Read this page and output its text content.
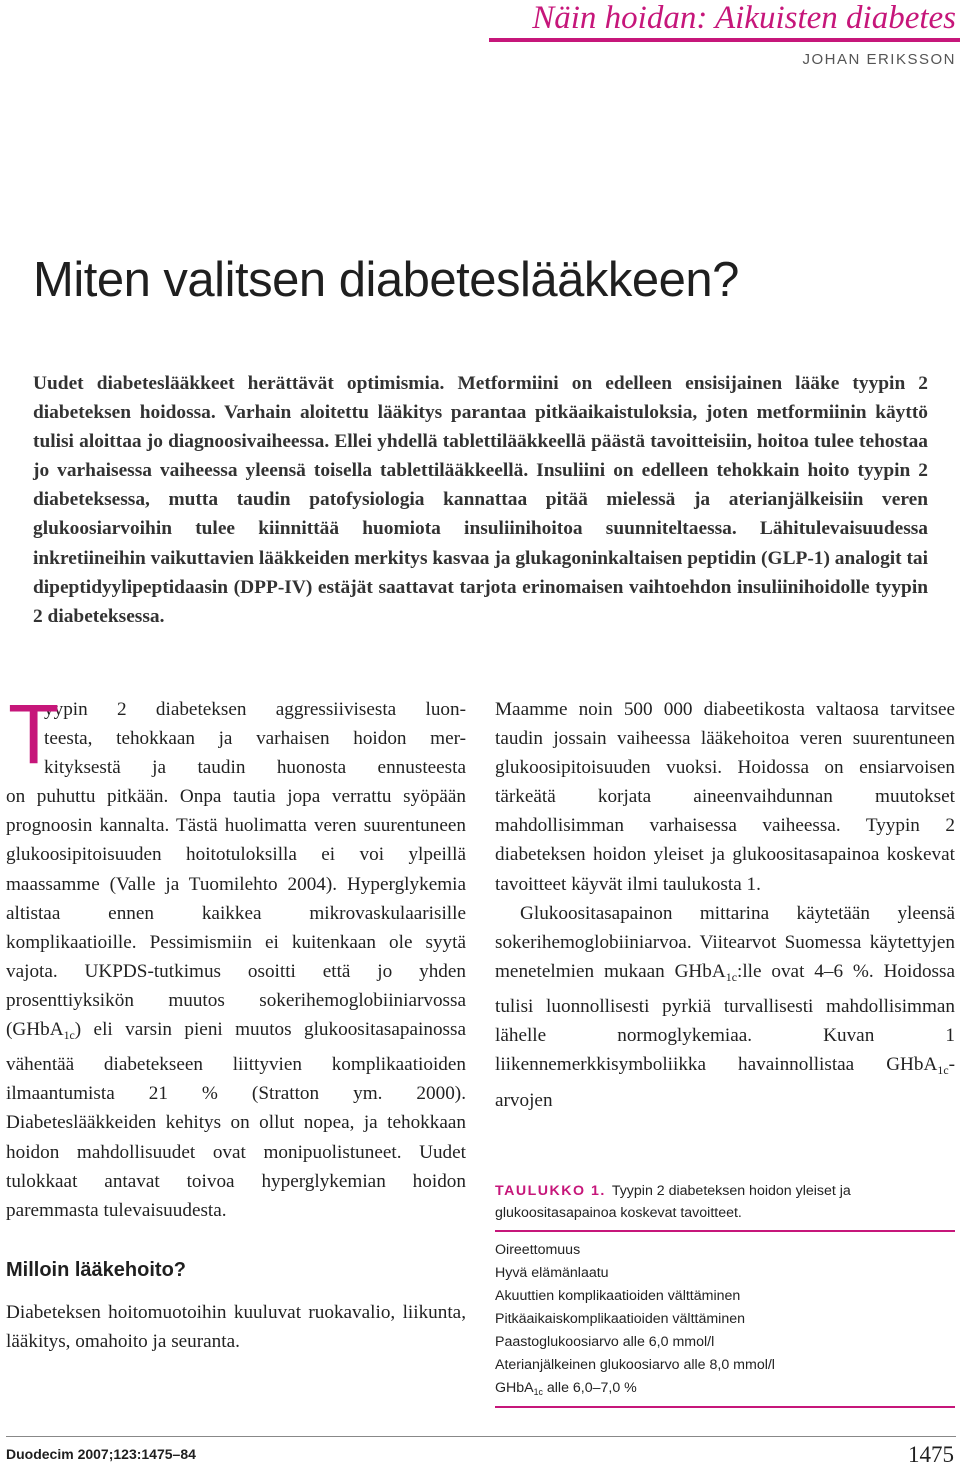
Näin hoidan: Aikuisten diabetes
JOHAN ERIKSSON
Miten valitsen diabeteslääkkeen?

Uudet diabeteslääkkeet herättävät optimismia. Metformiini on edelleen ensisijainen lääke tyypin 2 diabeteksen hoidossa. Varhain aloitettu lääkitys parantaa pitkäaikaistuloksia, joten metformiinin käyttö tulisi aloittaa jo diagnoosivaiheessa. Ellei yhdellä tablettilääkkeellä päästä tavoitteisiin, hoitoa tulee tehostaa jo varhaisessa vaiheessa yleensä toisella tablettilääkkeellä. Insuliini on edelleen tehokkain hoito tyypin 2 diabeteksessa, mutta taudin patofysiologia kannattaa pitää mielessä ja aterianjälkeisiin veren glukoosiarvoihin tulee kiinnittää huomiota insuliinihoitoa suunniteltaessa. Lähitulevaisuudessa inkretiineihin vaikuttavien lääkkeiden merkitys kasvaa ja glukagoninkaltaisen peptidin (GLP-1) analogit tai dipeptidyylipeptidaasin (DPP-IV) estäjät saattavat tarjota erinomaisen vaihtoehdon insuliinihoidolle tyypin 2 diabeteksessa.

T

yypin 2 diabeteksen aggressiivisesta luon-
teesta, tehokkaan ja varhaisen hoidon mer-
kityksestä ja taudin huonosta ennusteesta

on puhuttu pitkään. Onpa tautia jopa verrattu syöpään prognoosin kannalta. Tästä huolimatta veren suurentuneen glukoosipitoisuuden hoitotuloksilla ei voi ylpeillä maassamme (Valle ja Tuomilehto 2004). Hyperglykemia altistaa ennen kaikkea mikrovaskulaarisille komplikaatioille. Pessimismiin ei kuitenkaan ole syytä vajota. UKPDS-tutkimus osoitti että jo yhden prosenttiyksikön muutos sokerihemoglobiiniarvossa (GHbA$_{1c}$) eli varsin pieni muutos glukoositasapainossa vähentää diabetekseen liittyvien komplikaatioiden ilmaantumista 21 % (Stratton ym. 2000). Diabeteslääkkeiden kehitys on ollut nopea, ja tehokkaan hoidon mahdollisuudet ovat monipuolistuneet. Uudet tulokkaat antavat toivoa hyperglykemian hoidon paremmasta tulevaisuudesta.

Milloin lääkehoito?

Diabeteksen hoitomuotoihin kuuluvat ruokavalio, liikunta, lääkitys, omahoito ja seuranta.

Maamme noin 500 000 diabeetikosta valtaosa tarvitsee taudin jossain vaiheessa lääkehoitoa veren suurentuneen glukoosipitoisuuden vuoksi. Hoidossa on ensiarvoisen tärkeätä korjata aineenvaihdunnan muutokset mahdollisimman varhaisessa vaiheessa. Tyypin 2 diabeteksen hoidon yleiset ja glukoositasapainoa koskevat tavoitteet käyvät ilmi taulukosta 1.

Glukoositasapainon mittarina käytetään yleensä sokerihemoglobiiniarvoa. Viitearvot Suomessa käytettyjen menetelmien mukaan GHbA$_{1c}$:lle ovat 4–6 %. Hoidossa tulisi luonnollisesti pyrkiä turvallisesti mahdollisimman lähelle normoglykemiaa. Kuvan 1 liikennemerkkisymboliikka havainnollistaa GHbA$_{1c}$-arvojen

TAULUKKO 1. Tyypin 2 diabeteksen hoidon yleiset ja glukoositasapainoa koskevat tavoitteet.
Oireettomuus
Hyvä elämänlaatu
Akuuttien komplikaatioiden välttäminen
Pitkäaikaiskomplikaatioiden välttäminen
Paastoglukoosiarvo alle 6,0 mmol/l
Aterianjälkeinen glukoosiarvo alle 8,0 mmol/l
GHbA$_{1c}$ alle 6,0–7,0 %
Duodecim 2007;123:1475–84	1475
